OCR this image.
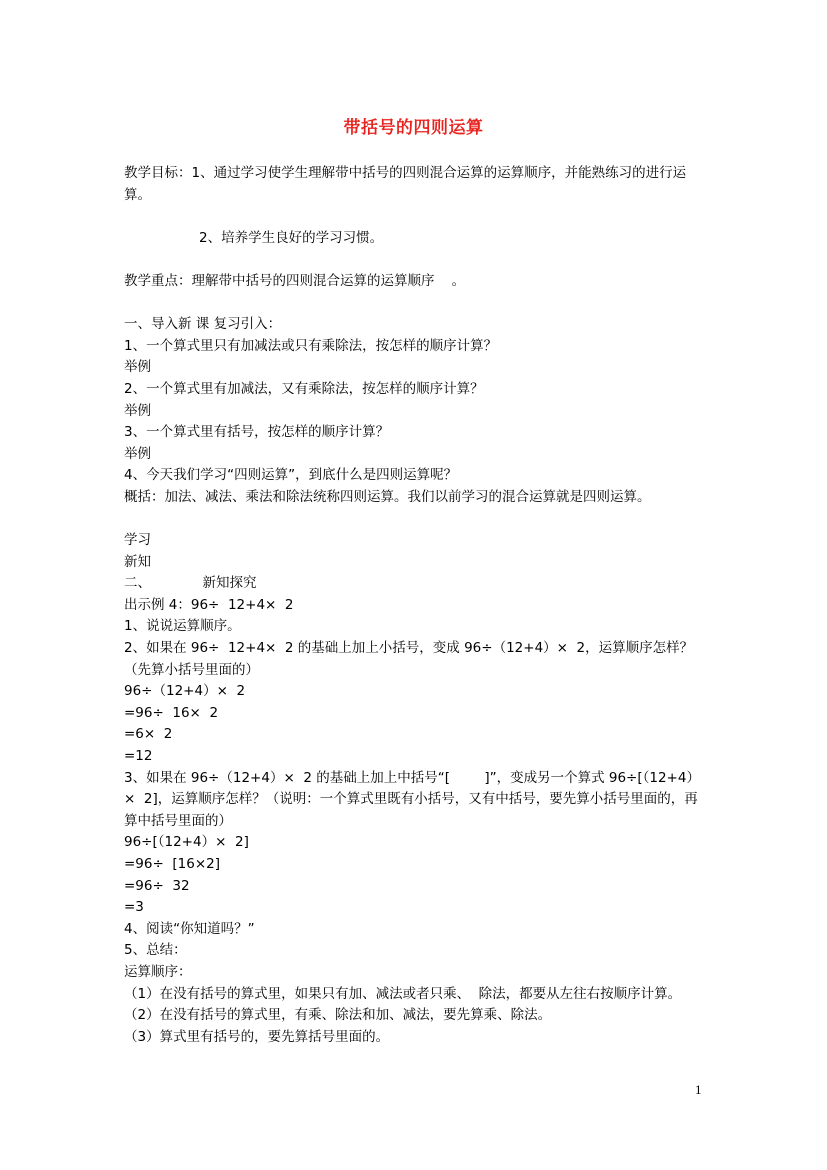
带括号的四则运算
教学目标：1、通过学习使学生理解带中括号的四则混合运算的运算顺序，并能熟练习的进行运算。
2、培养学生良好的学习习惯。
教学重点：理解带中括号的四则混合运算的运算顺序    。
一、导入新 课 复习引入：
1、一个算式里只有加减法或只有乘除法，按怎样的顺序计算？
举例
2、一个算式里有加减法，又有乘除法，按怎样的顺序计算？
举例
3、一个算式里有括号，按怎样的顺序计算？
举例
4、今天我们学习“四则运算”，到底什么是四则运算呢？
概括：加法、减法、乘法和除法统称四则运算。我们以前学习的混合运算就是四则运算。
学习
新知
二、            新知探究
出示例 4：96÷  12+4×  2
1、说说运算顺序。
2、如果在 96÷  12+4×  2 的基础上加上小括号，变成 96÷（12+4）×  2，运算顺序怎样？（先算小括号里面的）
96÷（12+4）×  2
=96÷  16×  2
=6×  2
=12
3、如果在 96÷（12+4）×  2 的基础上加上中括号“[        ]”，变成另一个算式 96÷[（12+4）×  2]，运算顺序怎样？（说明：一个算式里既有小括号，又有中括号，要先算小括号里面的，再算中括号里面的）
96÷[（12+4）×  2]
=96÷  [16×2]
=96÷  32
=3
4、阅读“你知道吗？”
5、总结：
运算顺序：
（1）在没有括号的算式里，如果只有加、减法或者只乘、  除法，都要从左往右按顺序计算。
（2）在没有括号的算式里，有乘、除法和加、减法，要先算乘、除法。
（3）算式里有括号的，要先算括号里面的。
1
